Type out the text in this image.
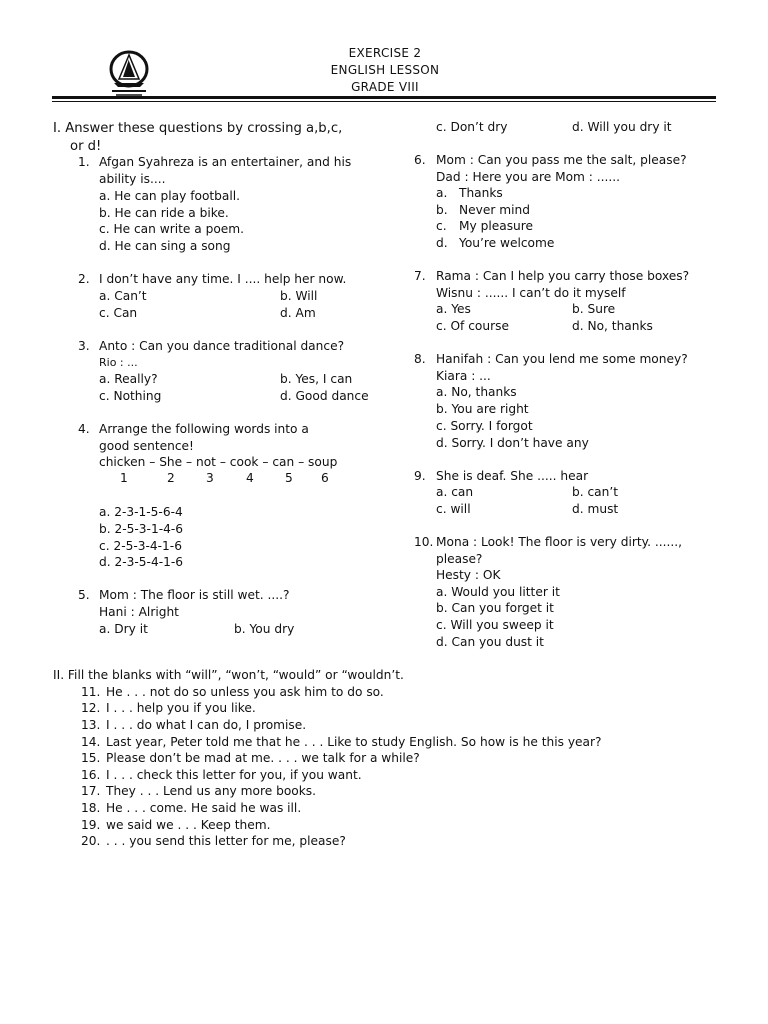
EXERCISE 2
ENGLISH LESSON
GRADE VIII
I. Answer these questions by crossing a,b,c,
or d!
1. Afgan Syahreza is an entertainer, and his
ability is....
a. He can play football.
b. He can ride a bike.
c. He can write a poem.
d. He can sing a song
2. I don’t have any time. I .... help her now.
a. Can’t	b. Will
c. Can	d. Am
3. Anto : Can you dance traditional dance?
Rio : ...
a. Really?	b. Yes, I can
c. Nothing	d. Good dance
4. Arrange the following words into a
good sentence!
chicken – She – not – cook – can – soup
1	2	3	4	5 6
a. 2-3-1-5-6-4
b. 2-5-3-1-4-6
c. 2-5-3-4-1-6
d. 2-3-5-4-1-6
5. Mom : The floor is still wet. ....?
Hani : Alright
a. Dry it	b. You dry
c. Don’t dry	d. Will you dry it
6. Mom : Can you pass me the salt, please?
Dad : Here you are Mom : ......
a. Thanks
b. Never mind
c. My pleasure
d. You’re welcome
7. Rama : Can I help you carry those boxes?
Wisnu : ...... I can’t do it myself
a. Yes	b. Sure
c. Of course	d. No, thanks
8. Hanifah : Can you lend me some money?
Kiara : ...
a. No, thanks
b. You are right
c. Sorry. I forgot
d. Sorry. I don’t have any
9. She is deaf. She ..... hear
a. can	b. can’t
c. will	d. must
10. Mona : Look! The floor is very dirty. ......,
please?
Hesty : OK
a. Would you litter it
b. Can you forget it
c. Will you sweep it
d. Can you dust it
II. Fill the blanks with “will”, “won’t, “would” or “wouldn’t.
11. He . . . not do so unless you ask him to do so.
12. I . . . help you if you like.
13. I . . . do what I can do, I promise.
14. Last year, Peter told me that he . . . Like to study English. So how is he this year?
15. Please don’t be mad at me. . . . we talk for a while?
16. I . . . check this letter for you, if you want.
17. They . . . Lend us any more books.
18. He . . . come. He said he was ill.
19. we said we . . . Keep them.
20. . . . you send this letter for me, please?
